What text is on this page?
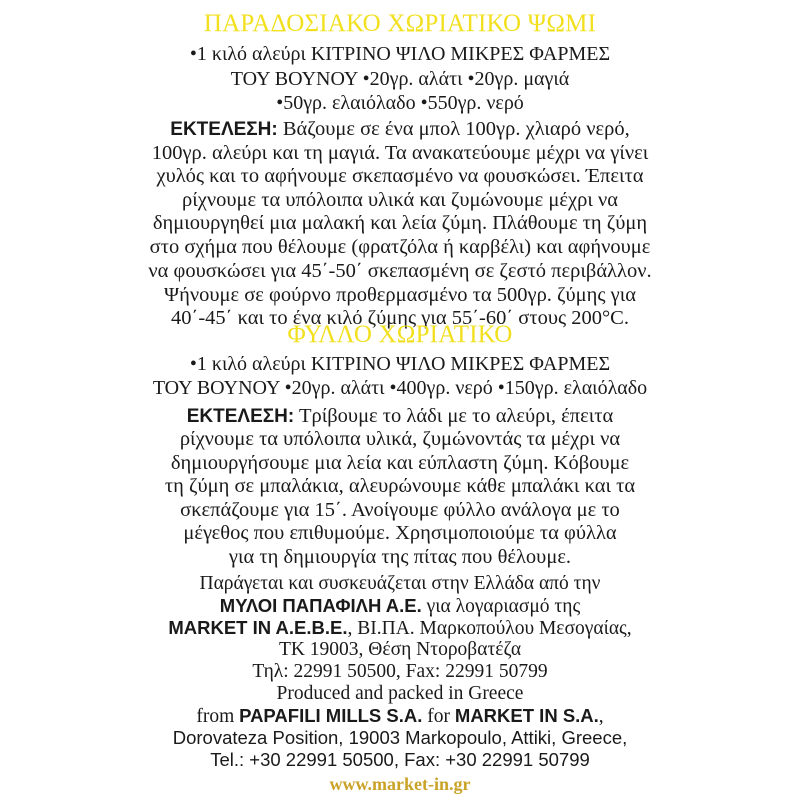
ΠΑΡΑΔΟΣΙΑΚΟ ΧΩΡΙΑΤΙΚΟ ΨΩΜΙ
•1 κιλό αλεύρι ΚΙΤΡΙΝΟ ΨΙΛΟ ΜΙΚΡΕΣ ΦΑΡΜΕΣ
ΤΟΥ ΒΟΥΝΟΥ •20γρ. αλάτι •20γρ. μαγιά
•50γρ. ελαιόλαδο •550γρ. νερό
ΕΚΤΕΛΕΣΗ: Βάζουμε σε ένα μπολ 100γρ. χλιαρό νερό,
100γρ. αλεύρι και τη μαγιά. Τα ανακατεύουμε μέχρι να γίνει
χυλός και το αφήνουμε σκεπασμένο να φουσκώσει. Έπειτα
ρίχνουμε τα υπόλοιπα υλικά και ζυμώνουμε μέχρι να
δημιουργηθεί μια μαλακή και λεία ζύμη. Πλάθουμε τη ζύμη
στο σχήμα που θέλουμε (φρατζόλα ή καρβέλι) και αφήνουμε
να φουσκώσει για 45΄-50΄ σκεπασμένη σε ζεστό περιβάλλον.
Ψήνουμε σε φούρνο προθερμασμένο τα 500γρ. ζύμης για
40΄-45΄ και το ένα κιλό ζύμης για 55΄-60΄ στους 200°C.
ΦΥΛΛΟ ΧΩΡΙΑΤΙΚΟ
•1 κιλό αλεύρι ΚΙΤΡΙΝΟ ΨΙΛΟ ΜΙΚΡΕΣ ΦΑΡΜΕΣ
ΤΟΥ ΒΟΥΝΟΥ •20γρ. αλάτι •400γρ. νερό •150γρ. ελαιόλαδο
ΕΚΤΕΛΕΣΗ: Τρίβουμε το λάδι με το αλεύρι, έπειτα
ρίχνουμε τα υπόλοιπα υλικά, ζυμώνοντάς τα μέχρι να
δημιουργήσουμε μια λεία και εύπλαστη ζύμη. Κόβουμε
τη ζύμη σε μπαλάκια, αλευρώνουμε κάθε μπαλάκι και τα
σκεπάζουμε για 15΄. Ανοίγουμε φύλλο ανάλογα με το
μέγεθος που επιθυμούμε. Χρησιμοποιούμε τα φύλλα
για τη δημιουργία της πίτας που θέλουμε.
Παράγεται και συσκευάζεται στην Ελλάδα από την
ΜΥΛΟΙ ΠΑΠΑΦΙΛΗ Α.Ε. για λογαριασμό της
MARKET IN A.E.B.E., ΒΙ.ΠΑ. Μαρκοπούλου Μεσογαίας,
ΤΚ 19003, Θέση Ντοροβατέζα
Τηλ: 22991 50500, Fax: 22991 50799
Produced and packed in Greece
from PAPAFILI MILLS S.A. for MARKET IN S.A.,
Dorovateza Position, 19003 Markopoulo, Attiki, Greece,
Tel.: +30 22991 50500, Fax: +30 22991 50799
www.market-in.gr
